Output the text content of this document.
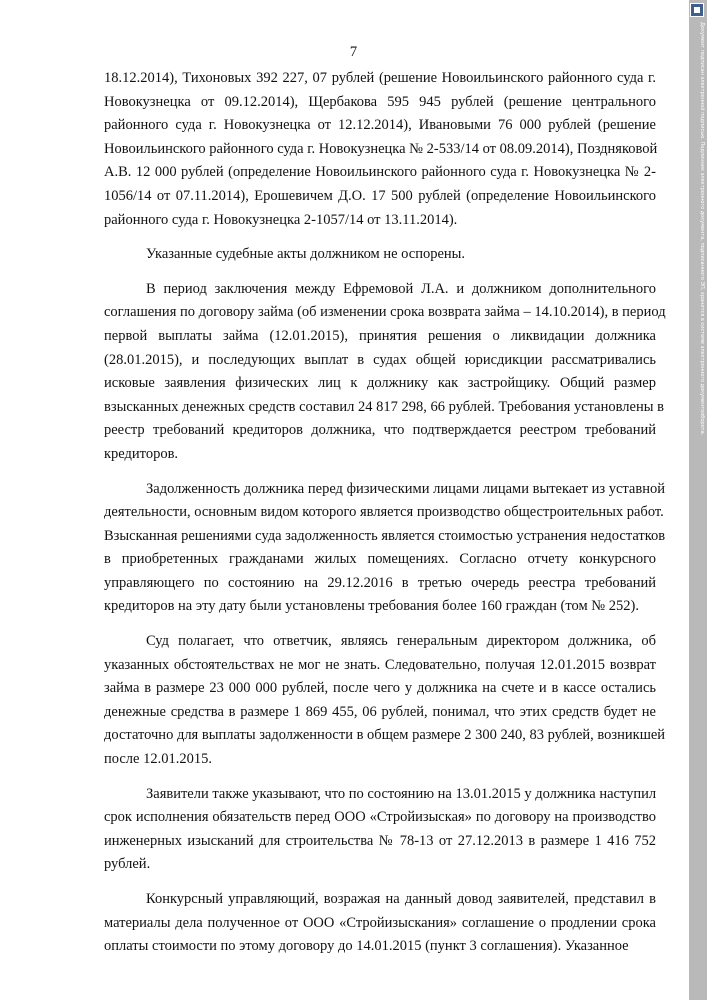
7

18.12.2014), Тихоновых 392 227, 07 рублей (решение Новоильинского районного суда г.
Новокузнецка от 09.12.2014), Щербакова 595 945 рублей (решение центрального
районного суда г. Новокузнецка от 12.12.2014), Ивановыми 76 000 рублей (решение
Новоильинского районного суда г. Новокузнецка № 2-533/14 от 08.09.2014), Поздняковой
А.В. 12 000 рублей (определение Новоильинского районного суда г. Новокузнецка № 2-
1056/14 от 07.11.2014), Ерошевичем Д.О. 17 500 рублей (определение Новоильинского
районного суда г. Новокузнецка 2-1057/14 от 13.11.2014).

Указанные судебные акты должником не оспорены.

В период заключения между Ефремовой Л.А. и должником дополнительного
соглашения по договору займа (об изменении срока возврата займа – 14.10.2014), в период
первой выплаты займа (12.01.2015), принятия решения о ликвидации должника
(28.01.2015), и последующих выплат в судах общей юрисдикции рассматривались
исковые заявления физических лиц к должнику как застройщику. Общий размер
взысканных денежных средств составил 24 817 298, 66 рублей. Требования установлены в
реестр требований кредиторов должника, что подтверждается реестром требований
кредиторов.

Задолженность должника перед физическими лицами лицами вытекает из уставной
деятельности, основным видом которого является производство общестроительных работ.
Взысканная решениями суда задолженность является стоимостью устранения недостатков
в приобретенных гражданами жилых помещениях. Согласно отчету конкурсного
управляющего по состоянию на 29.12.2016 в третью очередь реестра требований
кредиторов на эту дату были установлены требования более 160 граждан (том № 252).

Суд полагает, что ответчик, являясь генеральным директором должника, об
указанных обстоятельствах не мог не знать. Следовательно, получая 12.01.2015 возврат
займа в размере 23 000 000 рублей, после чего у должника на счете и в кассе остались
денежные средства в размере 1 869 455, 06 рублей, понимал, что этих средств будет не
достаточно для выплаты задолженности в общем размере 2 300 240, 83 рублей, возникшей
после 12.01.2015.

Заявители также указывают, что по состоянию на 13.01.2015 у должника наступил
срок исполнения обязательств перед ООО «Стройизыская» по договору на производство
инженерных изысканий для строительства № 78-13 от 27.12.2013 в размере 1 416 752
рублей.

Конкурсный управляющий, возражая на данный довод заявителей, представил в
материалы дела полученное от ООО «Стройизыскания» соглашение о продлении срока
оплаты стоимости по этому договору до 14.01.2015 (пункт 3 соглашения). Указанное

Документ подписан электронной подписью. Подлинник электронного документа, подписанного ЭП, хранится в системе электронного документооборота.
